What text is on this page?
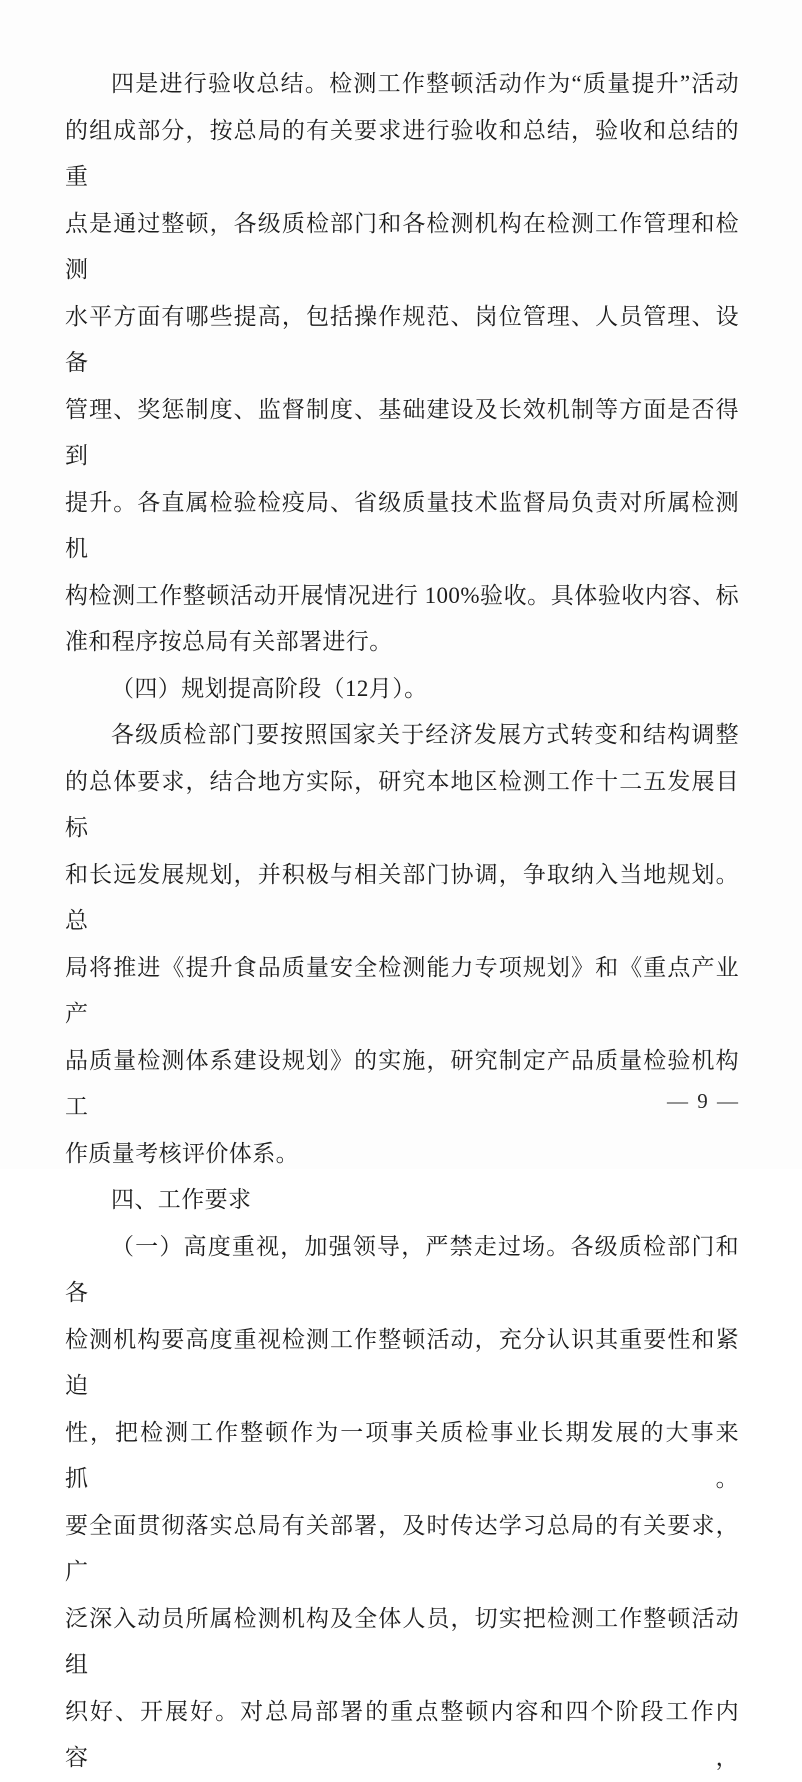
四是进行验收总结。检测工作整顿活动作为“质量提升”活动
的组成部分，按总局的有关要求进行验收和总结，验收和总结的重
点是通过整顿，各级质检部门和各检测机构在检测工作管理和检测
水平方面有哪些提高，包括操作规范、岗位管理、人员管理、设备
管理、奖惩制度、监督制度、基础建设及长效机制等方面是否得到
提升。各直属检验检疫局、省级质量技术监督局负责对所属检测机
构检测工作整顿活动开展情况进行 100%验收。具体验收内容、标
准和程序按总局有关部署进行。
（四）规划提高阶段（12月）。
各级质检部门要按照国家关于经济发展方式转变和结构调整
的总体要求，结合地方实际，研究本地区检测工作十二五发展目标
和长远发展规划，并积极与相关部门协调，争取纳入当地规划。总
局将推进《提升食品质量安全检测能力专项规划》和《重点产业产
品质量检测体系建设规划》的实施，研究制定产品质量检验机构工
作质量考核评价体系。
四、工作要求
（一）高度重视，加强领导，严禁走过场。各级质检部门和各
检测机构要高度重视检测工作整顿活动，充分认识其重要性和紧迫
性，把检测工作整顿作为一项事关质检事业长期发展的大事来抓。
要全面贯彻落实总局有关部署，及时传达学习总局的有关要求，广
泛深入动员所属检测机构及全体人员，切实把检测工作整顿活动组
织好、开展好。对总局部署的重点整顿内容和四个阶段工作内容，
— 9 —
